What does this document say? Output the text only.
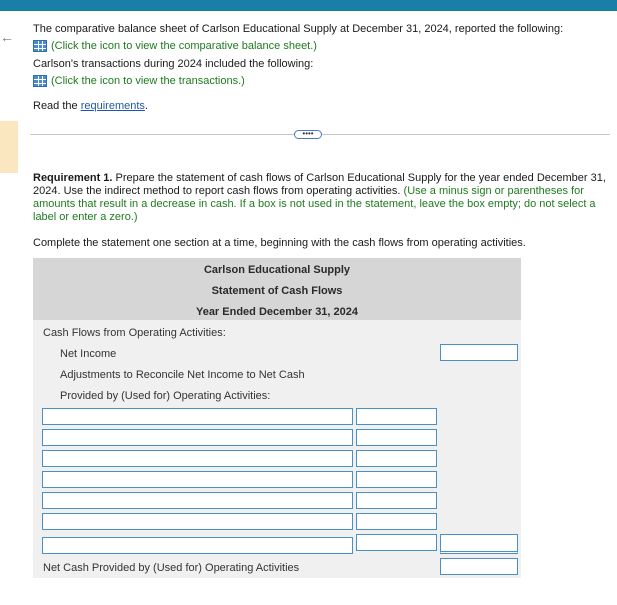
← The comparative balance sheet of Carlson Educational Supply at December 31, 2024, reported the following:
(Click the icon to view the comparative balance sheet.)
Carlson's transactions during 2024 included the following:
(Click the icon to view the transactions.)
Read the requirements.
••••
Requirement 1. Prepare the statement of cash flows of Carlson Educational Supply for the year ended December 31, 2024. Use the indirect method to report cash flows from operating activities. (Use a minus sign or parentheses for amounts that result in a decrease in cash. If a box is not used in the statement, leave the box empty; do not select a label or enter a zero.)
Complete the statement one section at a time, beginning with the cash flows from operating activities.
Carlson Educational Supply
Statement of Cash Flows
Year Ended December 31, 2024
Cash Flows from Operating Activities:
Net Income
Adjustments to Reconcile Net Income to Net Cash
Provided by (Used for) Operating Activities:
Net Cash Provided by (Used for) Operating Activities
